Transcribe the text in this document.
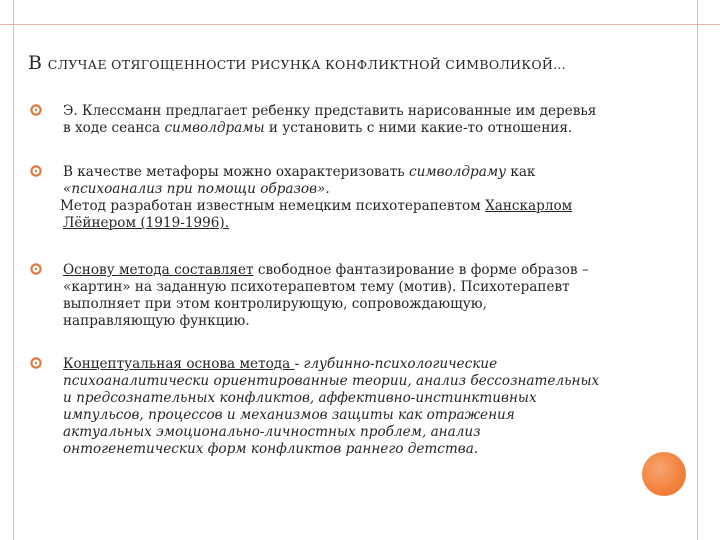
В СЛУЧАЕ ОТЯГОЩЕННОСТИ РИСУНКА КОНФЛИКТНОЙ СИМВОЛИКОЙ…
Э. Клессманн предлагает ребенку представить нарисованные им деревья
в ходе сеанса символдрамы и установить с ними какие‑то отношения.
В качестве метафоры можно охарактеризовать символдраму как
«психоанализ при помощи образов».
Метод разработан известным немецким психотерапевтом Ханскарлом
Лёйнером (1919-1996).
Основу метода составляет свободное фантазирование в форме образов –
«картин» на заданную психотерапевтом тему (мотив). Психотерапевт
выполняет при этом контролирующую, сопровождающую,
направляющую функцию.
Концептуальная основа метода - глубинно-психологические
психоаналитически ориентированные теории, анализ бессознательных
и предсознательных конфликтов, аффективно-инстинктивных
импульсов, процессов и механизмов защиты как отражения
актуальных эмоционально-личностных проблем, анализ
онтогенетических форм конфликтов раннего детства.
